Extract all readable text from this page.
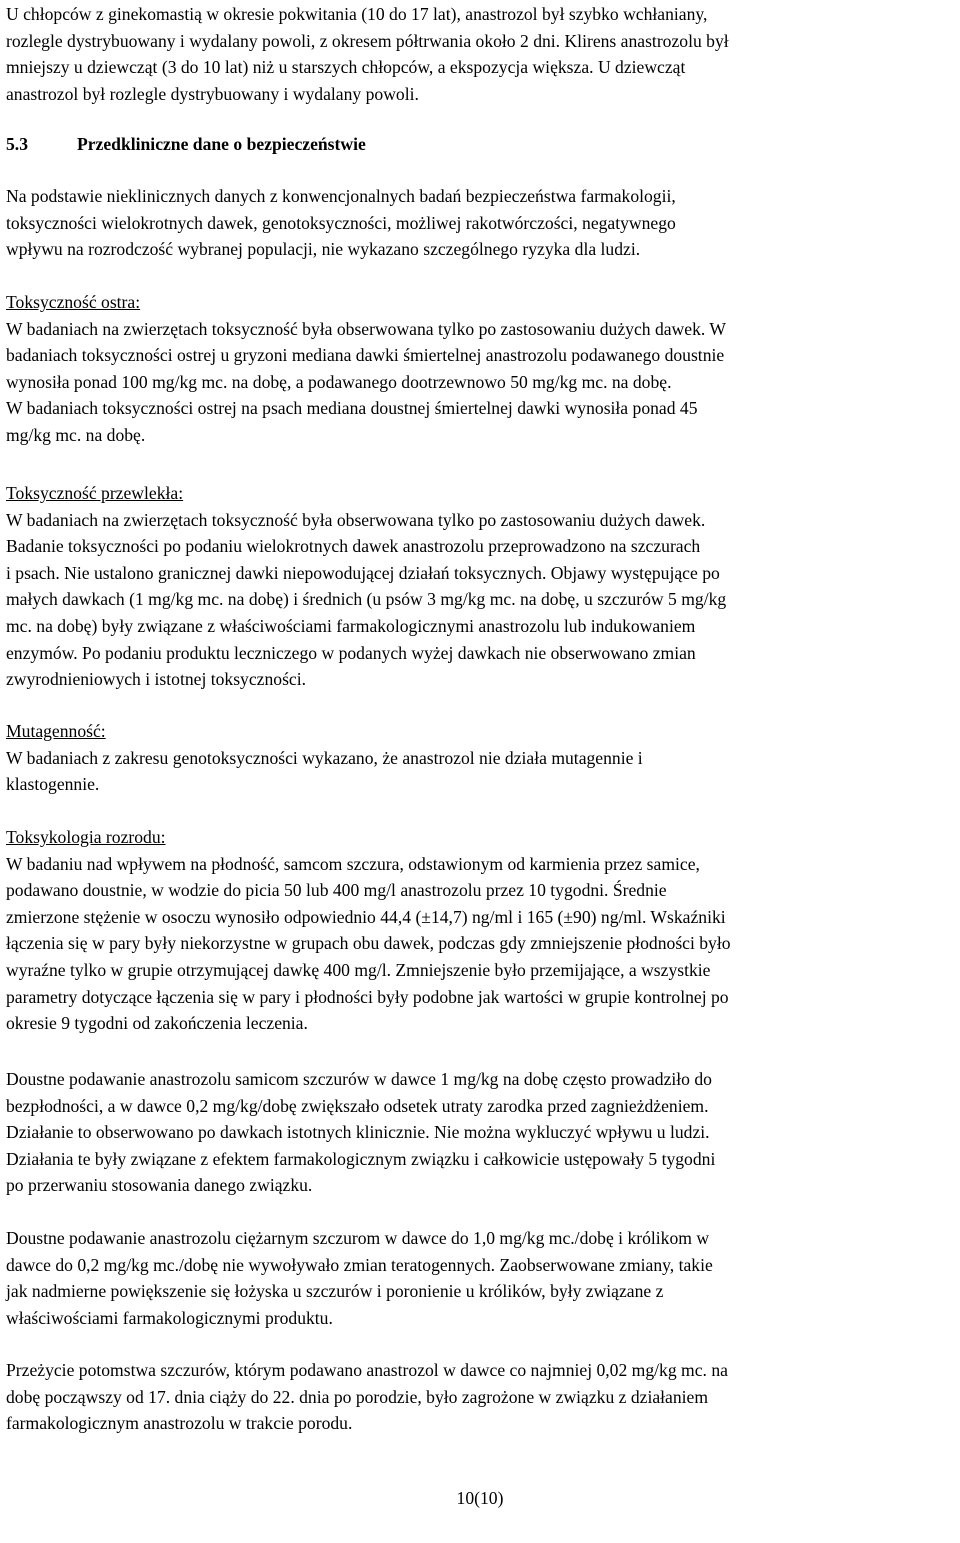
U chłopców z ginekomastią w okresie pokwitania (10 do 17 lat), anastrozol był szybko wchłaniany,
rozlegle dystrybuowany i wydalany powoli, z okresem półtrwania około 2 dni. Klirens anastrozolu był
mniejszy u dziewcząt (3 do 10 lat) niż u starszych chłopców, a ekspozycja większa. U dziewcząt
anastrozol był rozlegle dystrybuowany i wydalany powoli.

5.3	Przedkliniczne dane o bezpieczeństwie

Na podstawie nieklinicznych danych z konwencjonalnych badań bezpieczeństwa farmakologii,
toksyczności wielokrotnych dawek, genotoksyczności, możliwej rakotwórczości, negatywnego
wpływu na rozrodczość wybranej populacji, nie wykazano szczególnego ryzyka dla ludzi.

Toksyczność ostra:
W badaniach na zwierzętach toksyczność była obserwowana tylko po zastosowaniu dużych dawek. W
badaniach toksyczności ostrej u gryzoni mediana dawki śmiertelnej anastrozolu podawanego doustnie
wynosiła ponad 100 mg/kg mc. na dobę, a podawanego dootrzewnowo 50 mg/kg mc. na dobę.
W badaniach toksyczności ostrej na psach mediana doustnej śmiertelnej dawki wynosiła ponad 45
mg/kg mc. na dobę.
Toksyczność przewlekła:
W badaniach na zwierzętach toksyczność była obserwowana tylko po zastosowaniu dużych dawek.
Badanie toksyczności po podaniu wielokrotnych dawek anastrozolu przeprowadzono na szczurach
i psach. Nie ustalono granicznej dawki niepowodującej działań toksycznych. Objawy występujące po
małych dawkach (1 mg/kg mc. na dobę) i średnich (u psów 3 mg/kg mc. na dobę, u szczurów 5 mg/kg
mc. na dobę) były związane z właściwościami farmakologicznymi anastrozolu lub indukowaniem
enzymów. Po podaniu produktu leczniczego w podanych wyżej dawkach nie obserwowano zmian
zwyrodnieniowych i istotnej toksyczności.
Mutagenność:
W badaniach z zakresu genotoksyczności wykazano, że anastrozol nie działa mutagennie i
klastogennie.
Toksykologia rozrodu:
W badaniu nad wpływem na płodność, samcom szczura, odstawionym od karmienia przez samice,
podawano doustnie, w wodzie do picia 50 lub 400 mg/l anastrozolu przez 10 tygodni. Średnie
zmierzone stężenie w osoczu wynosiło odpowiednio 44,4 (±14,7) ng/ml i 165 (±90) ng/ml. Wskaźniki
łączenia się w pary były niekorzystne w grupach obu dawek, podczas gdy zmniejszenie płodności było
wyraźne tylko w grupie otrzymującej dawkę 400 mg/l. Zmniejszenie było przemijające, a wszystkie
parametry dotyczące łączenia się w pary i płodności były podobne jak wartości w grupie kontrolnej po
okresie 9 tygodni od zakończenia leczenia.
Doustne podawanie anastrozolu samicom szczurów w dawce 1 mg/kg na dobę często prowadziło do
bezpłodności, a w dawce 0,2 mg/kg/dobę zwiększało odsetek utraty zarodka przed zagnieżdżeniem.
Działanie to obserwowano po dawkach istotnych klinicznie. Nie można wykluczyć wpływu u ludzi.
Działania te były związane z efektem farmakologicznym związku i całkowicie ustępowały 5 tygodni
po przerwaniu stosowania danego związku.
Doustne podawanie anastrozolu ciężarnym szczurom w dawce do 1,0 mg/kg mc./dobę i królikom w
dawce do 0,2 mg/kg mc./dobę nie wywoływało zmian teratogennych. Zaobserwowane zmiany, takie
jak nadmierne powiększenie się łożyska u szczurów i poronienie u królików, były związane z
właściwościami farmakologicznymi produktu.
Przeżycie potomstwa szczurów, którym podawano anastrozol w dawce co najmniej 0,02 mg/kg mc. na
dobę począwszy od 17. dnia ciąży do 22. dnia po porodzie, było zagrożone w związku z działaniem
farmakologicznym anastrozolu w trakcie porodu.
10(10)
